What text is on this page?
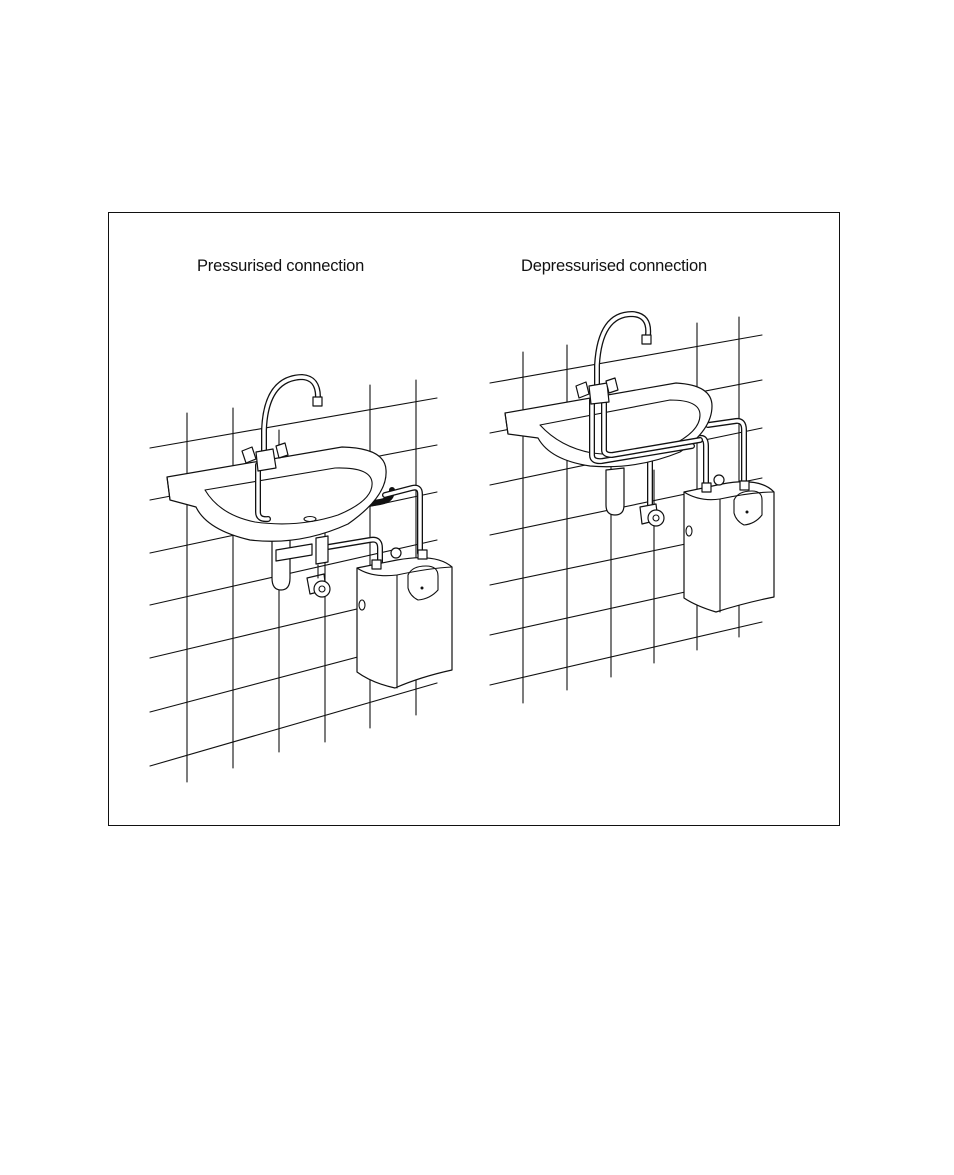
Pressurised connection	Depressurised connection
